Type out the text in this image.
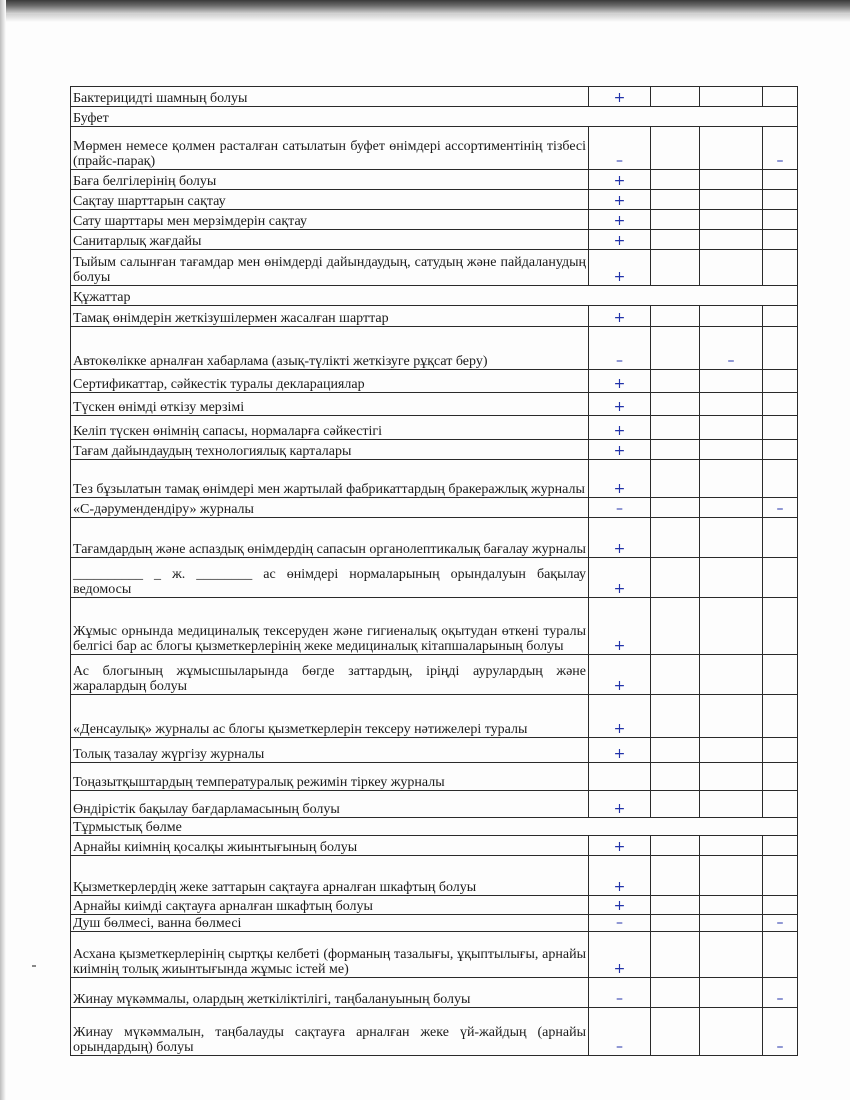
Бактерицидті шамның болуы	+			
Буфет				
Мөрмен немесе қолмен расталған сатылатын буфет өнімдері ассортиментінің тізбесі (прайс-парақ)	–			–
Баға белгілерінің болуы	+			
Сақтау шарттарын сақтау	+			
Сату шарттары мен мерзімдерін сақтау	+			
Санитарлық жағдайы	+			
Тыйым салынған тағамдар мен өнімдерді дайындаудың, сатудың және пайдаланудың болуы	+			
Құжаттар				
Тамақ өнімдерін жеткізушілермен жасалған шарттар	+			
Автокөлікке арналған хабарлама (азық-түлікті жеткізуге рұқсат беру)	–		–	
Сертификаттар, сәйкестік туралы декларациялар	+			
Түскен өнімді өткізу мерзімі	+			
Келіп түскен өнімнің сапасы, нормаларға сәйкестігі	+			
Тағам дайындаудың технологиялық карталары	+			
Тез бұзылатын тамақ өнімдері мен жартылай фабрикаттардың бракеражлық журналы	+			
«С-дәрумендендіру» журналы	–			–
Тағамдардың және аспаздық өнімдердің сапасын органолептикалық бағалау журналы	+			
__________ _ ж. ________ ас өнімдері нормаларының орындалуын бақылау ведомосы	+			
Жұмыс орнында медициналық тексеруден және гигиеналық оқытудан өткені туралы белгісі бар ас блогы қызметкерлерінің жеке медициналық кітапшаларының болуы	+			
Ас блогының жұмысшыларында бөгде заттардың, іріңді аурулардың және жаралардың болуы	+			
«Денсаулық» журналы ас блогы қызметкерлерін тексеру нәтижелері туралы	+			
Толық тазалау жүргізу журналы	+			
Тоңазытқыштардың температуралық режимін тіркеу журналы				
Өндірістік бақылау бағдарламасының болуы	+			
Тұрмыстық бөлме				
Арнайы киімнің қосалқы жиынтығының болуы	+			
Қызметкерлердің жеке заттарын сақтауға арналған шкафтың болуы	+			
Арнайы киімді сақтауға арналған шкафтың болуы	+			
Душ бөлмесі, ванна бөлмесі	–			–
Асхана қызметкерлерінің сыртқы келбеті (форманың тазалығы, ұқыптылығы, арнайы киімнің толық жиынтығында жұмыс істей ме)	+			
Жинау мүкәммалы, олардың жеткіліктілігі, таңбалануының болуы	–			–
Жинау мүкәммалын, таңбалауды сақтауға арналған жеке үй-жайдың (арнайы орындардың) болуы	–			–
